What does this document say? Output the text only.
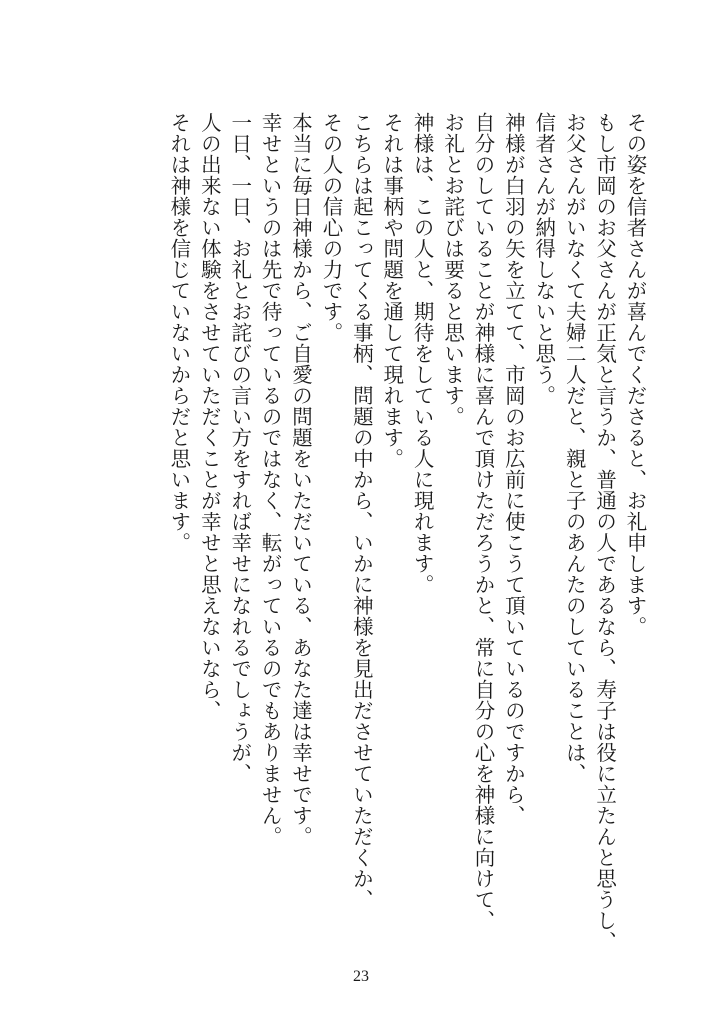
その姿を信者さんが喜んでくださると、お礼申します。

もし市岡のお父さんが正気と言うか、普通の人であるなら、寿子は役に立たんと思うし、

お父さんがいなくて夫婦二人だと、親と子のあんたのしていることは、

信者さんが納得しないと思う。

神様が白羽の矢を立てて、市岡のお広前に使こうて頂いているのですから、

自分のしていることが神様に喜んで頂けただろうかと、常に自分の心を神様に向けて、

お礼とお詫びは要ると思います。

神様は、この人と、期待をしている人に現れます。

それは事柄や問題を通して現れます。

こちらは起こってくる事柄、問題の中から、いかに神様を見出ださせていただくか、

その人の信心の力です。

本当に毎日神様から、ご自愛の問題をいただいている、あなた達は幸せです。

幸せというのは先で待っているのではなく、転がっているのでもありません。

一日、一日、お礼とお詫びの言い方をすれば幸せになれるでしょうが、

人の出来ない体験をさせていただくことが幸せと思えないなら、

それは神様を信じていないからだと思います。

23
